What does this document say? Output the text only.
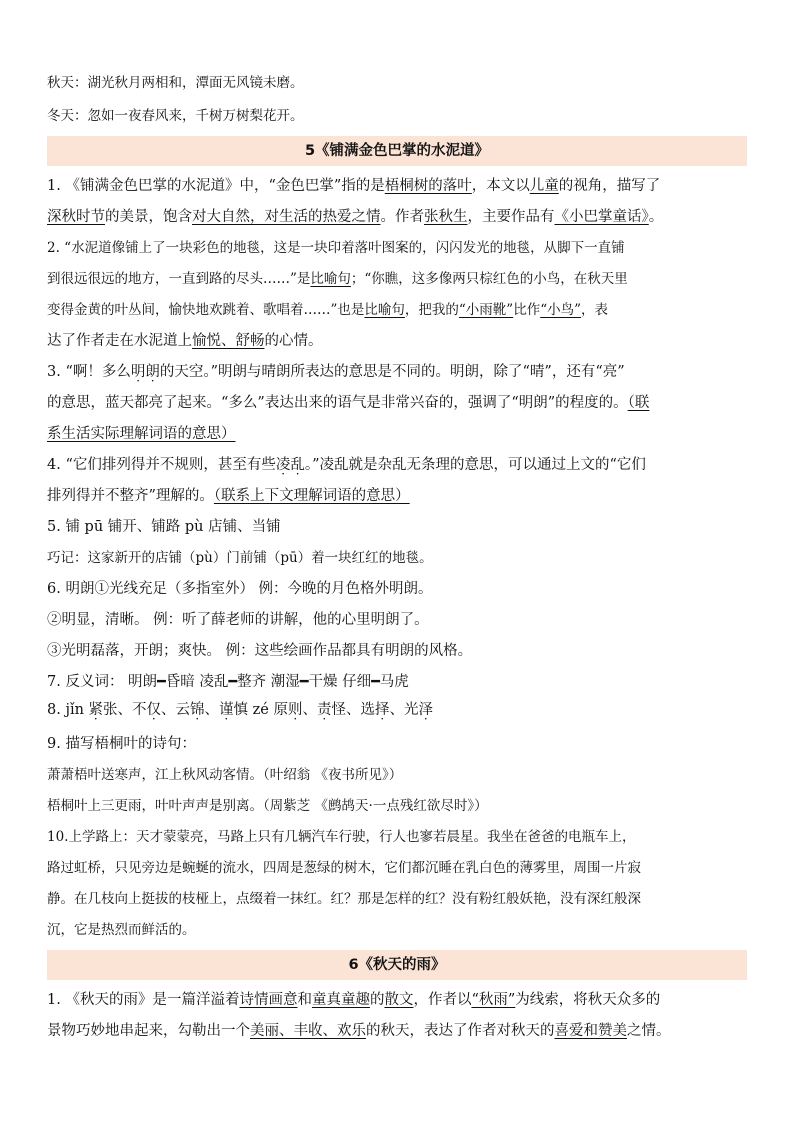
秋天：湖光秋月两相和，潭面无风镜未磨。

冬天：忽如一夜春风来，千树万树梨花开。

5《铺满金色巴掌的水泥道》

1. 《铺满金色巴掌的水泥道》中，“金色巴掌”指的是梧桐树的落叶，本文以儿童的视角，描写了

深秋时节的美景，饱含对大自然，对生活的热爱之情。作者张秋生，主要作品有《小巴掌童话》。

2. “水泥道像铺上了一块彩色的地毯，这是一块印着落叶图案的，闪闪发光的地毯，从脚下一直铺

到很远很远的地方，一直到路的尽头……”是比喻句；“你瞧，这多像两只棕红色的小鸟，在秋天里

变得金黄的叶丛间，愉快地欢跳着、歌唱着……”也是比喻句，把我的“小雨靴”比作“小鸟”，表

达了作者走在水泥道上愉悦、舒畅的心情。

3. “啊！多么明朗的天空。”明朗与晴朗所表达的意思是不同的。明朗，除了“晴”，还有“亮”

的意思，蓝天都亮了起来。“多么”表达出来的语气是非常兴奋的，强调了“明朗”的程度的。（联

系生活实际理解词语的意思）

4. “它们排列得并不规则，甚至有些凌乱。”凌乱就是杂乱无条理的意思，可以通过上文的“它们

排列得并不整齐”理解的。（联系上下文理解词语的意思）

5. 铺 pū 铺开、铺路 pù 店铺、当铺

巧记：这家新开的店铺（pù）门前铺（pū）着一块红红的地毯。

6. 明朗①光线充足（多指室外） 例：今晚的月色格外明朗。

②明显，清晰。 例：听了薛老师的讲解，他的心里明朗了。

③光明磊落，开朗；爽快。 例：这些绘画作品都具有明朗的风格。

7. 反义词： 明朗━昏暗 凌乱━整齐 潮湿━干燥 仔细━马虎

8. jǐn 紧张、不仅、云锦、谨慎 zé 原则、责怪、选择、光泽

9. 描写梧桐叶的诗句：

萧萧梧叶送寒声，江上秋风动客情。（叶绍翁 《夜书所见》）

梧桐叶上三更雨，叶叶声声是别离。（周紫芝 《鹧鸪天·一点残红欲尽时》）

10.上学路上：天才蒙蒙亮，马路上只有几辆汽车行驶，行人也寥若晨星。我坐在爸爸的电瓶车上，

路过虹桥，只见旁边是蜿蜒的流水，四周是葱绿的树木，它们都沉睡在乳白色的薄雾里，周围一片寂

静。在几枝向上挺拔的枝桠上，点缀着一抹红。红？那是怎样的红？没有粉红般妖艳，没有深红般深

沉，它是热烈而鲜活的。

6《秋天的雨》

1. 《秋天的雨》是一篇洋溢着诗情画意和童真童趣的散文，作者以“秋雨”为线索，将秋天众多的

景物巧妙地串起来，勾勒出一个美丽、丰收、欢乐的秋天，表达了作者对秋天的喜爱和赞美之情。
